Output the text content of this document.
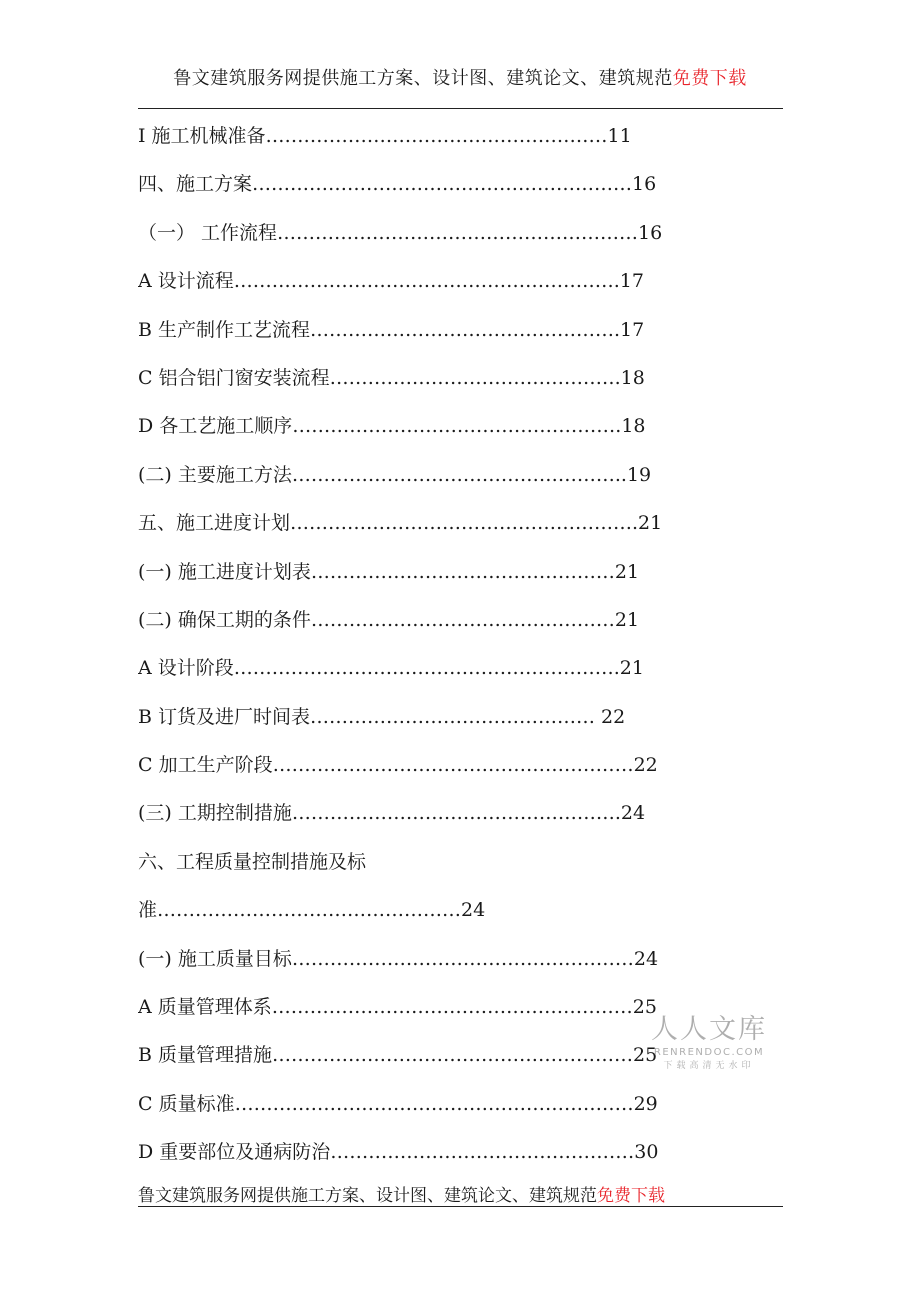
鲁文建筑服务网提供施工方案、设计图、建筑论文、建筑规范免费下载
I 施工机械准备………………………………………………11
四、施工方案……………………………………………………16
（一） 工作流程…………………………………………………16
A 设计流程…………………………………………………….17
B 生产制作工艺流程………………………………………….17
C 铝合铝门窗安装流程……………………………………….18
D 各工艺施工顺序…………………………………………….18
(二) 主要施工方法……………………………………………..19
五、施工进度计划……………………………………………….21
(一) 施工进度计划表…………………………………………21
(二) 确保工期的条件…………………………………………21
A 设计阶段…………………………………………………….21
B 订货及进厂时间表……………………………………… 22
C 加工生产阶段…………………………………………………22
(三) 工期控制措施…………………………………………….24
六、工程质量控制措施及标
准…………………………………………24
(一) 施工质量目标………………………………………………24
A 质量管理体系…………………………………………………25
B 质量管理措施…………………………………………………25
C 质量标准………………………………………………………29
D 重要部位及通病防治…………………………………………30
人人文库
RENRENDOC.COM
下载高清无水印
鲁文建筑服务网提供施工方案、设计图、建筑论文、建筑规范免费下载
